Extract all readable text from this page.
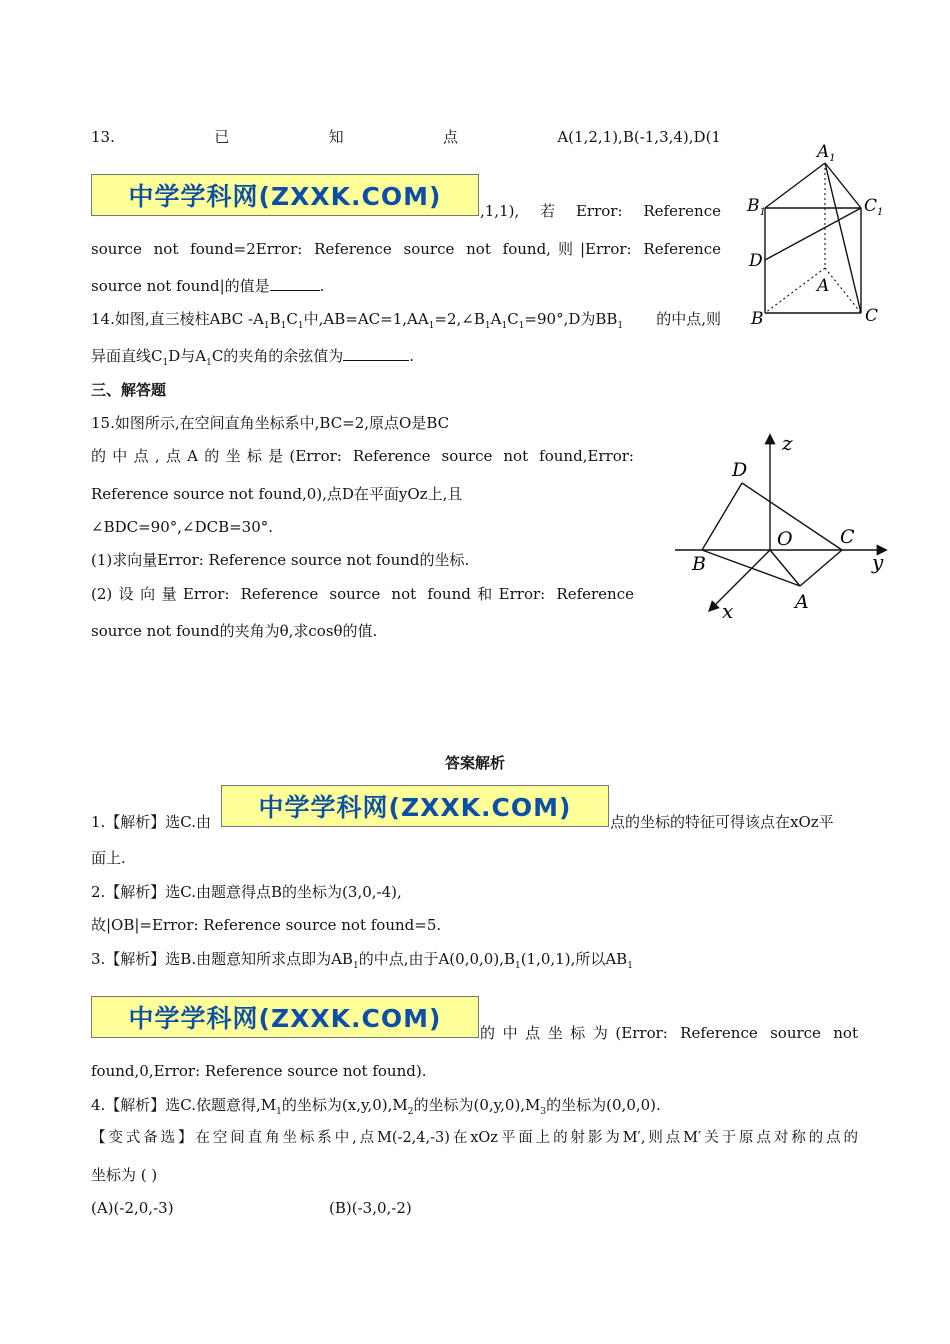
13.	已	知	点	A(1,2,1),B(-1,3,4),D(1
中学学科网(ZXXK.COM)	,1,1), 若 Error: Reference
source not found=2Error: Reference source not found,则|Error: Reference
source not found|的值是	.
14.如图,直三棱柱ABC $-A_1B_1C_1$中$,AB=AC=1,AA_1=2,\angle B_1A_1C_1=90^\circ,D$为$BB_1$ 的中点,则
异面直线$C_1D$与$A_1C$的夹角的余弦值为	.
三、解答题
15.如图所示,在空间直角坐标系中,BC=2,原点O是BC
的中点,点A的坐标是(Error: Reference source not found,Error:
Reference source not found,0),点D在平面yOz上,且
∠BDC=90°,∠DCB=30°.
(1)求向量Error: Reference source not found的坐标.
(2)设向量Error: Reference source not found和Error: Reference
source not found的夹角为θ,求cosθ的值.
答案解析
1.【解析】选C.由 中学学科网(ZXXK.COM)	点的坐标的特征可得该点在xOz平
面上.
2.【解析】选C.由题意得点B的坐标为(3,0,-4),
故|OB|=Error: Reference source not found=5.
3.【解析】选B.由题意知所求点即为$AB_1$的中点,由于$A(0,0,0),B_1(1,0,1)$,所以$AB_1$
中学学科网(ZXXK.COM)	的中点坐标为(Error: Reference source not
found,0,Error: Reference source not found).
4.【解析】选C.依题意得$,M_1$的坐标为$(x,y,0),M_2$的坐标为$(0,y,0),M_3$的坐标为(0,0,0).
【变式备选】在空间直角坐标系中,点M(-2,4,-3)在xOz平面上的射影为M′,则点M′关于原点对称的点的
坐标为 ( )
(A)(-2,0,-3)	(B)(-3,0,-2)
$A_1$
$B_1$	$C_1$
D
A
B	C
z
D
O C
B	y
A
x
